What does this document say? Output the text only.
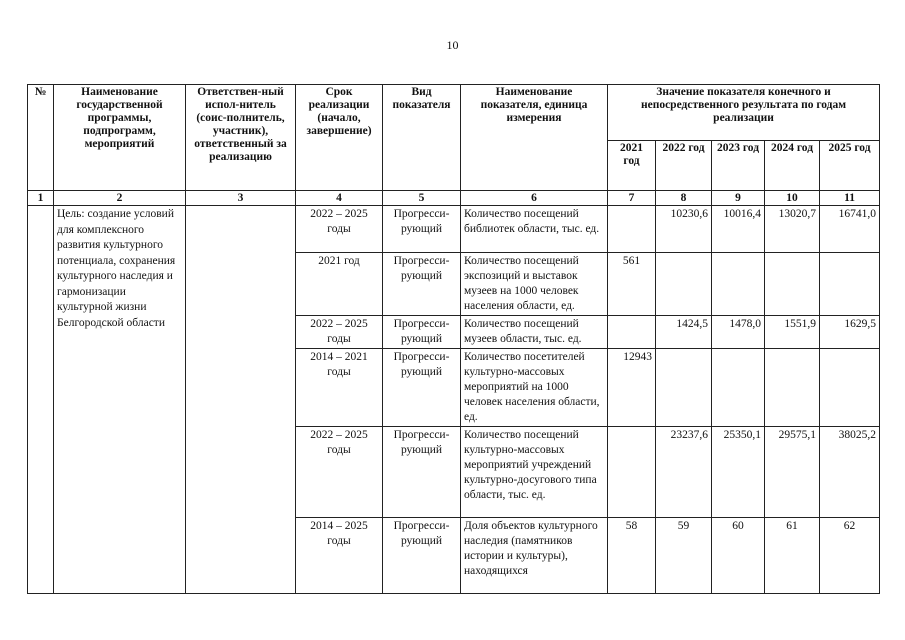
10
№	Наименование государственной программы, подпрограмм, мероприятий	Ответствен-ный испол-нитель (соис-полнитель, участник), ответственный за реализацию	Срок реализации (начало, завершение)	Вид показателя	Наименование показателя, единица измерения	Значение показателя конечного и непосредственного результата по годам реализации				
						2021 год	2022 год	2023 год	2024 год	2025 год
1	2	3	4	5	6	7	8	9	10	11
	Цель: создание условий для комплексного развития культурного потенциала, сохранения культурного наследия и гармонизации культурной жизни Белгородской области		2022 – 2025 годы	Прогресси-рующий	Количество посещений библиотек области, тыс. ед.		10230,6	10016,4	13020,7	16741,0
			2021 год	Прогресси-рующий	Количество посещений экспозиций и выставок музеев на 1000 человек населения области, ед.	561				
			2022 – 2025 годы	Прогресси-рующий	Количество посещений музеев области, тыс. ед.		1424,5	1478,0	1551,9	1629,5
			2014 – 2021 годы	Прогресси-рующий	Количество посетителей культурно-массовых мероприятий на 1000 человек населения области, ед.	12943				
			2022 – 2025 годы	Прогресси-рующий	Количество посещений культурно-массовых мероприятий учреждений культурно-досугового типа области, тыс. ед.		23237,6	25350,1	29575,1	38025,2
			2014 – 2025 годы	Прогресси-рующий	Доля объектов культурного наследия (памятников истории и культуры), находящихся	58	59	60	61	62
